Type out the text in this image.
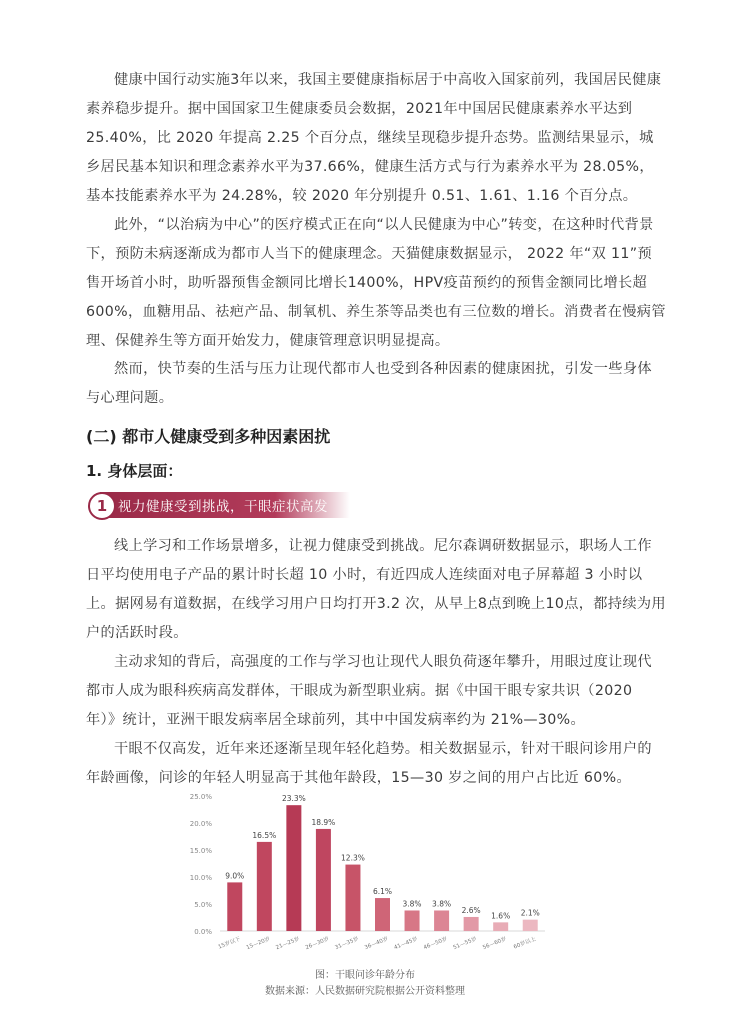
健康中国行动实施3年以来，我国主要健康指标居于中高收入国家前列，我国居民健康素养稳步提升。据中国国家卫生健康委员会数据，2021年中国居民健康素养水平达到25.40%，比 2020 年提高 2.25 个百分点，继续呈现稳步提升态势。监测结果显示，城乡居民基本知识和理念素养水平为37.66%，健康生活方式与行为素养水平为 28.05%，基本技能素养水平为 24.28%，较 2020 年分别提升 0.51、1.61、1.16 个百分点。

此外，“以治病为中心”的医疗模式正在向“以人民健康为中心”转变，在这种时代背景下，预防未病逐渐成为都市人当下的健康理念。天猫健康数据显示， 2022 年“双 11”预售开场首小时，助听器预售金额同比增长1400%，HPV疫苗预约的预售金额同比增长超 600%，血糖用品、祛疤产品、制氧机、养生茶等品类也有三位数的增长。消费者在慢病管理、保健养生等方面开始发力，健康管理意识明显提高。

然而，快节奏的生活与压力让现代都市人也受到各种因素的健康困扰，引发一些身体与心理问题。

(二) 都市人健康受到多种因素困扰

1. 身体层面：

1 视力健康受到挑战，干眼症状高发

线上学习和工作场景增多，让视力健康受到挑战。尼尔森调研数据显示，职场人工作日平均使用电子产品的累计时长超 10 小时，有近四成人连续面对电子屏幕超 3 小时以上。据网易有道数据，在线学习用户日均打开3.2 次，从早上8点到晚上10点，都持续为用户的活跃时段。

主动求知的背后，高强度的工作与学习也让现代人眼负荷逐年攀升，用眼过度让现代都市人成为眼科疾病高发群体，干眼成为新型职业病。据《中国干眼专家共识（2020 年）》统计，亚洲干眼发病率居全球前列，其中中国发病率约为 21%—30%。

干眼不仅高发，近年来还逐渐呈现年轻化趋势。相关数据显示，针对干眼问诊用户的年龄画像，问诊的年轻人明显高于其他年龄段，15—30 岁之间的用户占比近 60%。

0.0%
5.0%
10.0%
15.0%
20.0%
25.0%
9.0%
15岁以下
16.5%
15—20岁
23.3%
21—25岁
18.9%
26—30岁
12.3%
31—35岁
6.1%
36—40岁
3.8%
41—45岁
3.8%
46—50岁
2.6%
51—55岁
1.6%
56—60岁
2.1%
60岁以上

图：干眼问诊年龄分布

数据来源：人民数据研究院根据公开资料整理
